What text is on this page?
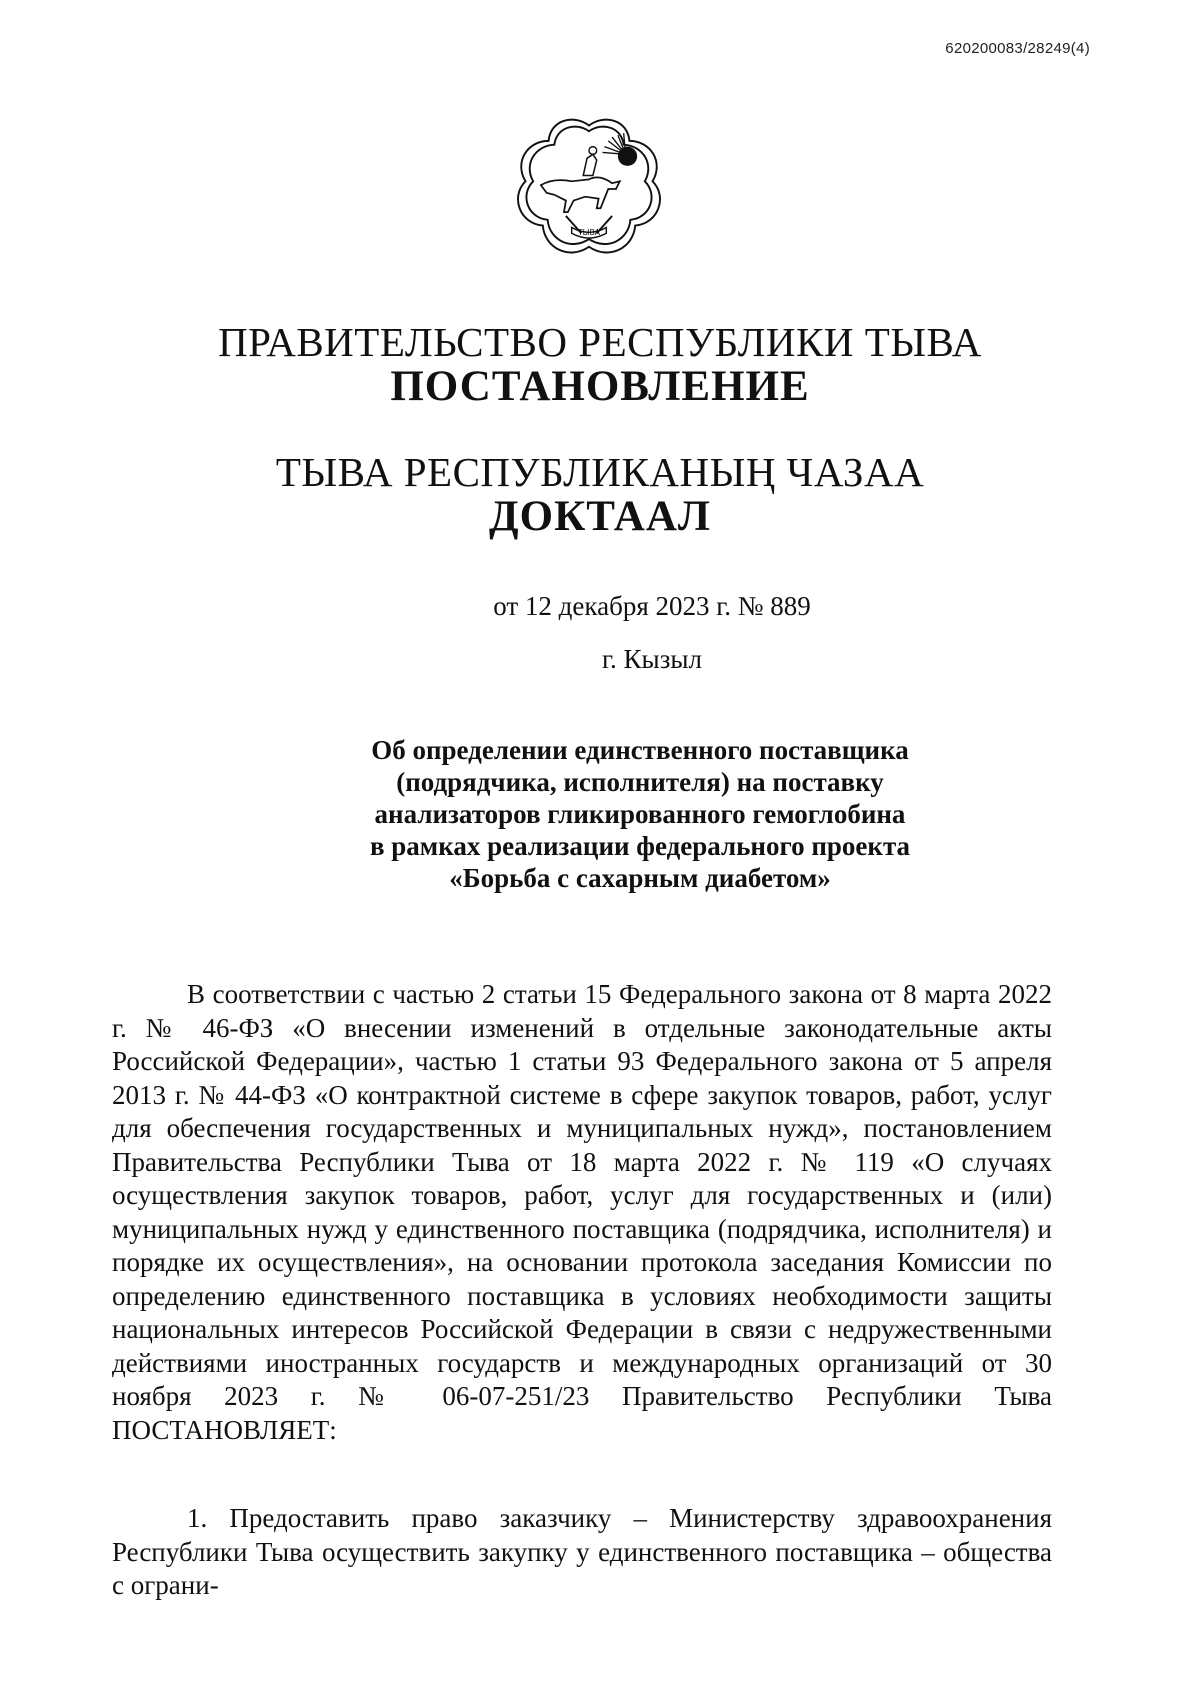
620200083/28249(4)
ТЫВА
ПРАВИТЕЛЬСТВО РЕСПУБЛИКИ ТЫВА
ПОСТАНОВЛЕНИЕ
ТЫВА РЕСПУБЛИКАНЫҢ ЧАЗАА
ДОКТААЛ
от 12 декабря 2023 г. № 889
г. Кызыл
Об определении единственного поставщика
(подрядчика, исполнителя) на поставку
анализаторов гликированного гемоглобина
в рамках реализации федерального проекта
«Борьба с сахарным диабетом»
В соответствии с частью 2 статьи 15 Федерального закона от 8 марта 2022 г. № 46-ФЗ «О внесении изменений в отдельные законодательные акты Российской Федерации», частью 1 статьи 93 Федерального закона от 5 апреля 2013 г. № 44-ФЗ «О контрактной системе в сфере закупок товаров, работ, услуг для обеспечения государственных и муниципальных нужд», постановлением Правительства Республики Тыва от 18 марта 2022 г. № 119 «О случаях осуществления закупок товаров, работ, услуг для государственных и (или) муниципальных нужд у единственного поставщика (подрядчика, исполнителя) и порядке их осуществления», на основании протокола заседания Комиссии по определению единственного поставщика в условиях необходимости защиты национальных интересов Российской Федерации в связи с недружественными действиями иностранных государств и международных организаций от 30 ноября 2023 г. № 06-07-251/23 Правительство Республики Тыва ПОСТАНОВЛЯЕТ:
1. Предоставить право заказчику – Министерству здравоохранения Республики Тыва осуществить закупку у единственного поставщика – общества с ограни-
